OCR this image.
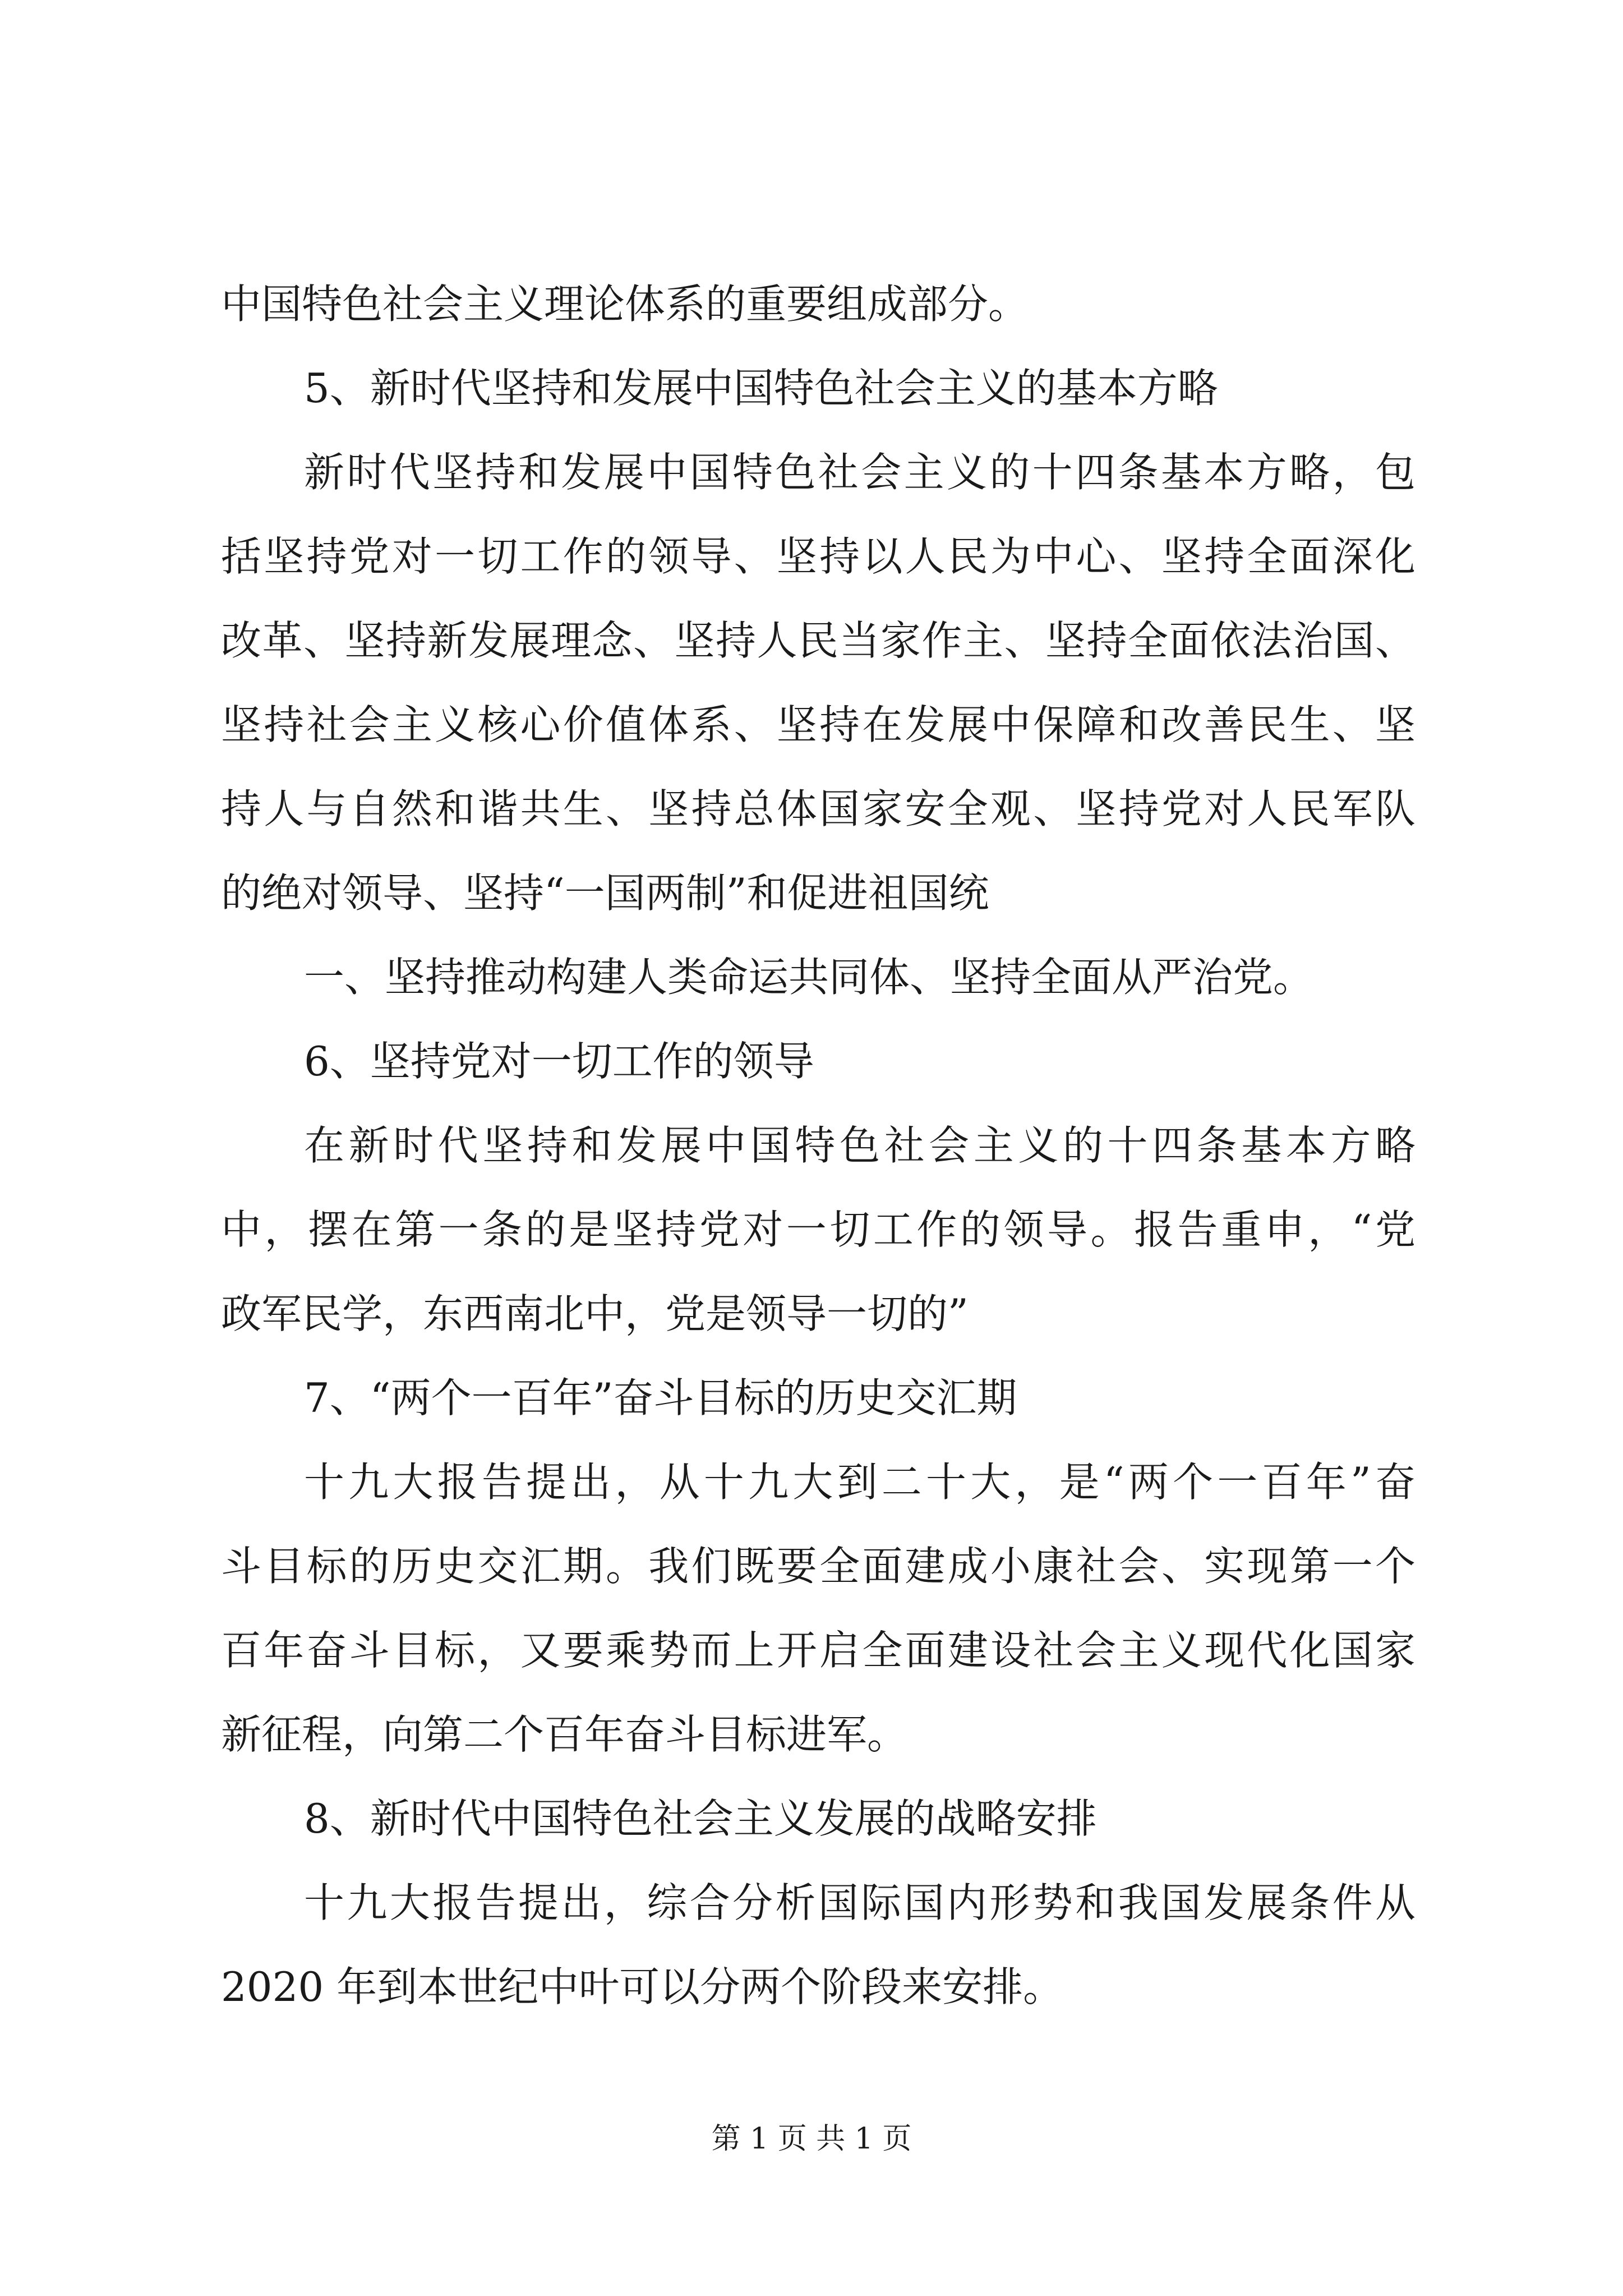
中国特色社会主义理论体系的重要组成部分。
5、新时代坚持和发展中国特色社会主义的基本方略
新时代坚持和发展中国特色社会主义的十四条基本方略，包
括坚持党对一切工作的领导、坚持以人民为中心、坚持全面深化
改革、坚持新发展理念、坚持人民当家作主、坚持全面依法治国、
坚持社会主义核心价值体系、坚持在发展中保障和改善民生、坚
持人与自然和谐共生、坚持总体国家安全观、坚持党对人民军队
的绝对领导、坚持“一国两制”和促进祖国统
一、坚持推动构建人类命运共同体、坚持全面从严治党。
6、坚持党对一切工作的领导
在新时代坚持和发展中国特色社会主义的十四条基本方略
中，摆在第一条的是坚持党对一切工作的领导。报告重申，“党
政军民学，东西南北中，党是领导一切的”
7、“两个一百年”奋斗目标的历史交汇期
十九大报告提出，从十九大到二十大，是“两个一百年”奋
斗目标的历史交汇期。我们既要全面建成小康社会、实现第一个
百年奋斗目标，又要乘势而上开启全面建设社会主义现代化国家
新征程，向第二个百年奋斗目标进军。
8、新时代中国特色社会主义发展的战略安排
十九大报告提出，综合分析国际国内形势和我国发展条件从
2020 年到本世纪中叶可以分两个阶段来安排。
第 1 页 共 1 页
